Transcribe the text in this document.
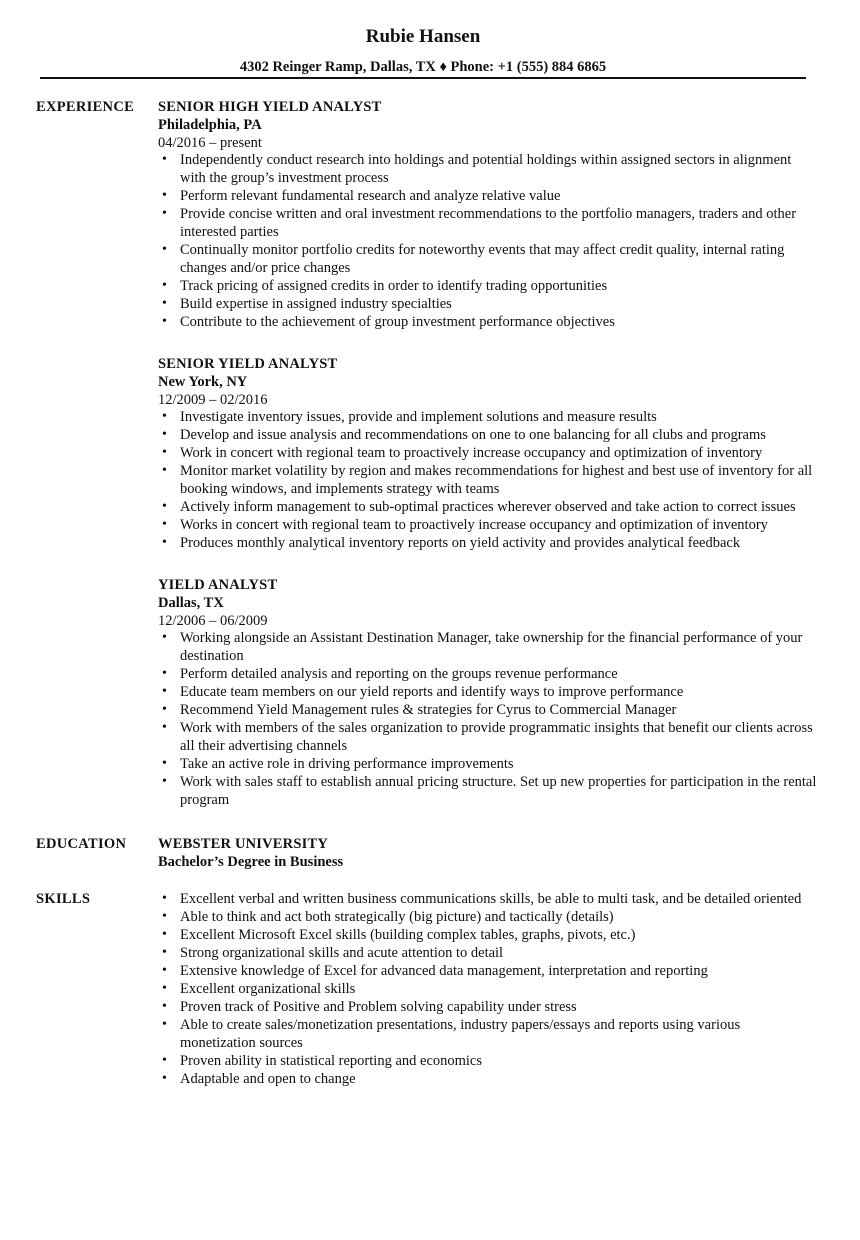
Rubie Hansen
4302 Reinger Ramp, Dallas, TX ♦ Phone: +1 (555) 884 6865
EXPERIENCE SENIOR HIGH YIELD ANALYST
Philadelphia, PA
04/2016 – present
• Independently conduct research into holdings and potential holdings within assigned sectors in alignment with the group’s investment process
• Perform relevant fundamental research and analyze relative value
• Provide concise written and oral investment recommendations to the portfolio managers, traders and other interested parties
• Continually monitor portfolio credits for noteworthy events that may affect credit quality, internal rating changes and/or price changes
• Track pricing of assigned credits in order to identify trading opportunities
• Build expertise in assigned industry specialties
• Contribute to the achievement of group investment performance objectives
SENIOR YIELD ANALYST
New York, NY
12/2009 – 02/2016
• Investigate inventory issues, provide and implement solutions and measure results
• Develop and issue analysis and recommendations on one to one balancing for all clubs and programs
• Work in concert with regional team to proactively increase occupancy and optimization of inventory
• Monitor market volatility by region and makes recommendations for highest and best use of inventory for all booking windows, and implements strategy with teams
• Actively inform management to sub-optimal practices wherever observed and take action to correct issues
• Works in concert with regional team to proactively increase occupancy and optimization of inventory
• Produces monthly analytical inventory reports on yield activity and provides analytical feedback
YIELD ANALYST
Dallas, TX
12/2006 – 06/2009
• Working alongside an Assistant Destination Manager, take ownership for the financial performance of your destination
• Perform detailed analysis and reporting on the groups revenue performance
• Educate team members on our yield reports and identify ways to improve performance
• Recommend Yield Management rules & strategies for Cyrus to Commercial Manager
• Work with members of the sales organization to provide programmatic insights that benefit our clients across all their advertising channels
• Take an active role in driving performance improvements
• Work with sales staff to establish annual pricing structure. Set up new properties for participation in the rental program
EDUCATION WEBSTER UNIVERSITY
Bachelor’s Degree in Business
SKILLS
•	Excellent verbal and written business communications skills, be able to multi task, and be detailed oriented
• Able to think and act both strategically (big picture) and tactically (details)
• Excellent Microsoft Excel skills (building complex tables, graphs, pivots, etc.)
• Strong organizational skills and acute attention to detail
• Extensive knowledge of Excel for advanced data management, interpretation and reporting
• Excellent organizational skills
• Proven track of Positive and Problem solving capability under stress
• Able to create sales/monetization presentations, industry papers/essays and reports using various monetization sources
• Proven ability in statistical reporting and economics
• Adaptable and open to change
